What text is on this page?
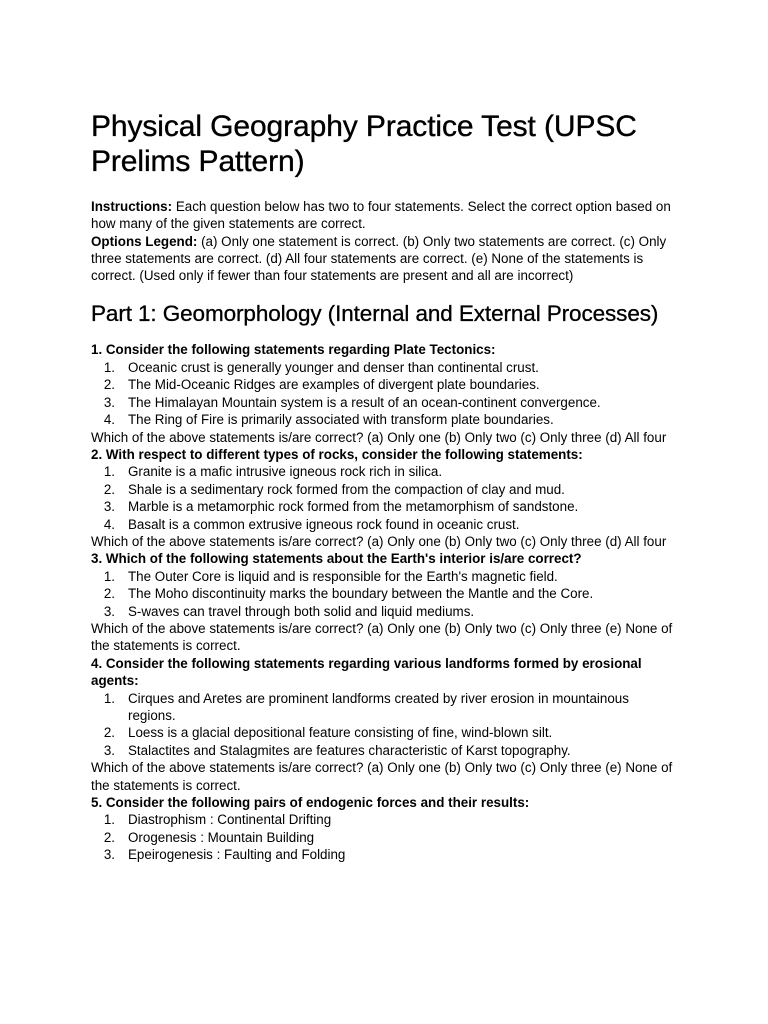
Physical Geography Practice Test (UPSC Prelims Pattern)

Instructions: Each question below has two to four statements. Select the correct option based on how many of the given statements are correct.

Options Legend: (a) Only one statement is correct. (b) Only two statements are correct. (c) Only three statements are correct. (d) All four statements are correct. (e) None of the statements is correct. (Used only if fewer than four statements are present and all are incorrect)

Part 1: Geomorphology (Internal and External Processes)
1. Consider the following statements regarding Plate Tectonics:
1. Oceanic crust is generally younger and denser than continental crust.
2. The Mid-Oceanic Ridges are examples of divergent plate boundaries.
3. The Himalayan Mountain system is a result of an ocean-continent convergence.
4. The Ring of Fire is primarily associated with transform plate boundaries.
Which of the above statements is/are correct? (a) Only one (b) Only two (c) Only three (d) All four
2. With respect to different types of rocks, consider the following statements:
1. Granite is a mafic intrusive igneous rock rich in silica.
2. Shale is a sedimentary rock formed from the compaction of clay and mud.
3. Marble is a metamorphic rock formed from the metamorphism of sandstone.
4. Basalt is a common extrusive igneous rock found in oceanic crust.
Which of the above statements is/are correct? (a) Only one (b) Only two (c) Only three (d) All four
3. Which of the following statements about the Earth's interior is/are correct?
1. The Outer Core is liquid and is responsible for the Earth's magnetic field.
2. The Moho discontinuity marks the boundary between the Mantle and the Core.
3. S-waves can travel through both solid and liquid mediums.
Which of the above statements is/are correct? (a) Only one (b) Only two (c) Only three (e) None of the statements is correct.
4. Consider the following statements regarding various landforms formed by erosional agents:
1. Cirques and Aretes are prominent landforms created by river erosion in mountainous regions.
2. Loess is a glacial depositional feature consisting of fine, wind-blown silt.
3. Stalactites and Stalagmites are features characteristic of Karst topography.
Which of the above statements is/are correct? (a) Only one (b) Only two (c) Only three (e) None of the statements is correct.
5. Consider the following pairs of endogenic forces and their results:
1. Diastrophism : Continental Drifting
2. Orogenesis : Mountain Building
3. Epeirogenesis : Faulting and Folding
